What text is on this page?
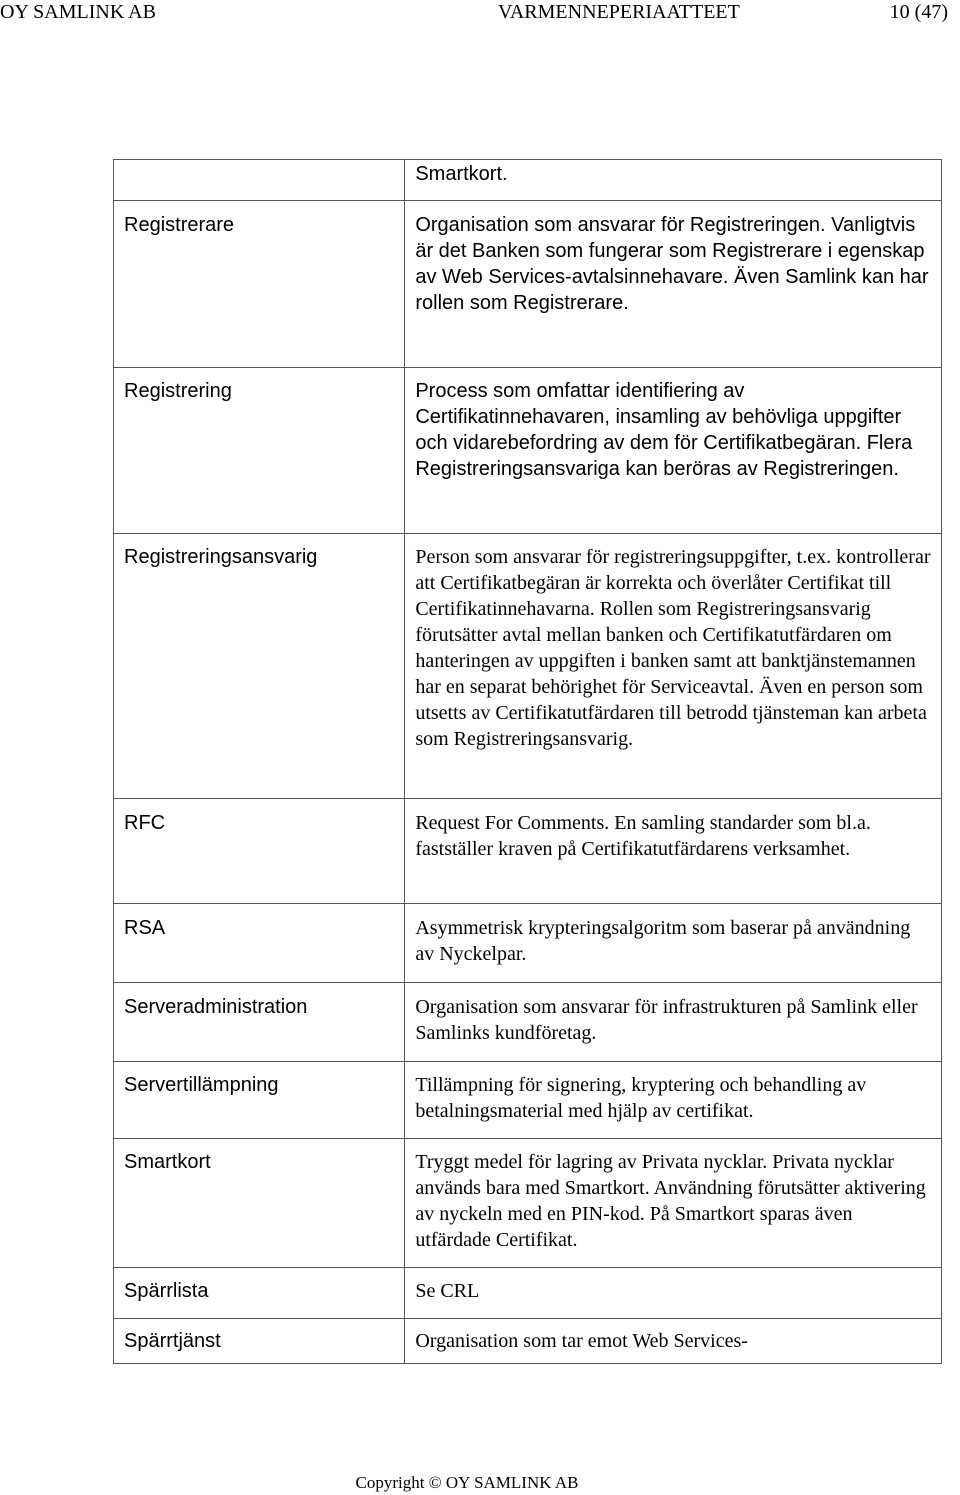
OY SAMLINK AB	VARMENNEPERIAATTEET	10 (47)
	Smartkort.
Registrerare	Organisation som ansvarar för Registreringen. Vanligtvis är det Banken som fungerar som Registrerare i egenskap av Web Services-avtalsinnehavare. Även Samlink kan har rollen som Registrerare.
Registrering	Process som omfattar identifiering av Certifikatinnehavaren, insamling av behövliga uppgifter och vidarebefordring av dem för Certifikatbegäran. Flera Registreringsansvariga kan beröras av Registreringen.
Registreringsansvarig	Person som ansvarar för registreringsuppgifter, t.ex. kontrollerar att Certifikatbegäran är korrekta och överlåter Certifikat till Certifikatinnehavarna. Rollen som Registreringsansvarig förutsätter avtal mellan banken och Certifikatutfärdaren om hanteringen av uppgiften i banken samt att banktjänstemannen har en separat behörighet för Serviceavtal. Även en person som utsetts av Certifikatutfärdaren till betrodd tjänsteman kan arbeta som Registreringsansvarig.
RFC	Request For Comments. En samling standarder som bl.a. fastställer kraven på Certifikatutfärdarens verksamhet.
RSA	Asymmetrisk krypteringsalgoritm som baserar på användning av Nyckelpar.
Serveradministration	Organisation som ansvarar för infrastrukturen på Samlink eller Samlinks kundföretag.
Servertillämpning	Tillämpning för signering, kryptering och behandling av betalningsmaterial med hjälp av certifikat.
Smartkort	Tryggt medel för lagring av Privata nycklar. Privata nycklar används bara med Smartkort. Användning förutsätter aktivering av nyckeln med en PIN-kod. På Smartkort sparas även utfärdade Certifikat.
Spärrlista	Se CRL
Spärrtjänst	Organisation som tar emot Web Services-
Copyright © OY SAMLINK AB
